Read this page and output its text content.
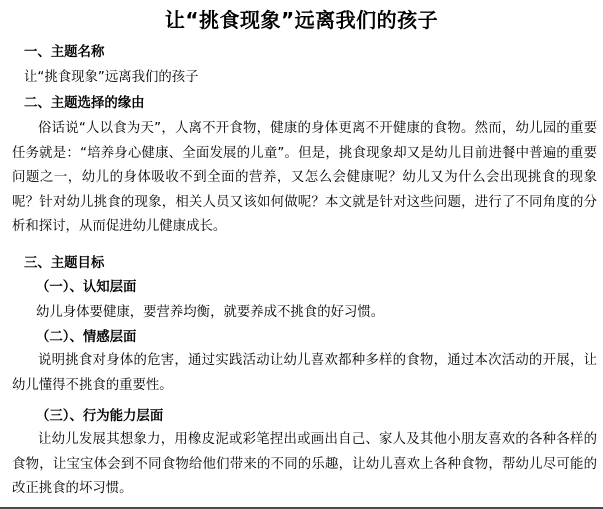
让“挑食现象”远离我们的孩子
一、主题名称
让“挑食现象”远离我们的孩子
二、主题选择的缘由
俗话说“人以食为天”，人离不开食物，健康的身体更离不开健康的食物。然而，幼儿园的重要任务就是：“培养身心健康、全面发展的儿童”。但是，挑食现象却又是幼儿目前进餐中普遍的重要问题之一，幼儿的身体吸收不到全面的营养，又怎么会健康呢？幼儿又为什么会出现挑食的现象呢？针对幼儿挑食的现象，相关人员又该如何做呢？本文就是针对这些问题，进行了不同角度的分析和探讨，从而促进幼儿健康成长。
三、主题目标
（一）、认知层面
幼儿身体要健康，要营养均衡，就要养成不挑食的好习惯。
（二）、情感层面
说明挑食对身体的危害，通过实践活动让幼儿喜欢都种多样的食物，通过本次活动的开展，让幼儿懂得不挑食的重要性。
（三）、行为能力层面
让幼儿发展其想象力，用橡皮泥或彩笔捏出或画出自己、家人及其他小朋友喜欢的各种各样的食物，让宝宝体会到不同食物给他们带来的不同的乐趣，让幼儿喜欢上各种食物，帮幼儿尽可能的改正挑食的坏习惯。
